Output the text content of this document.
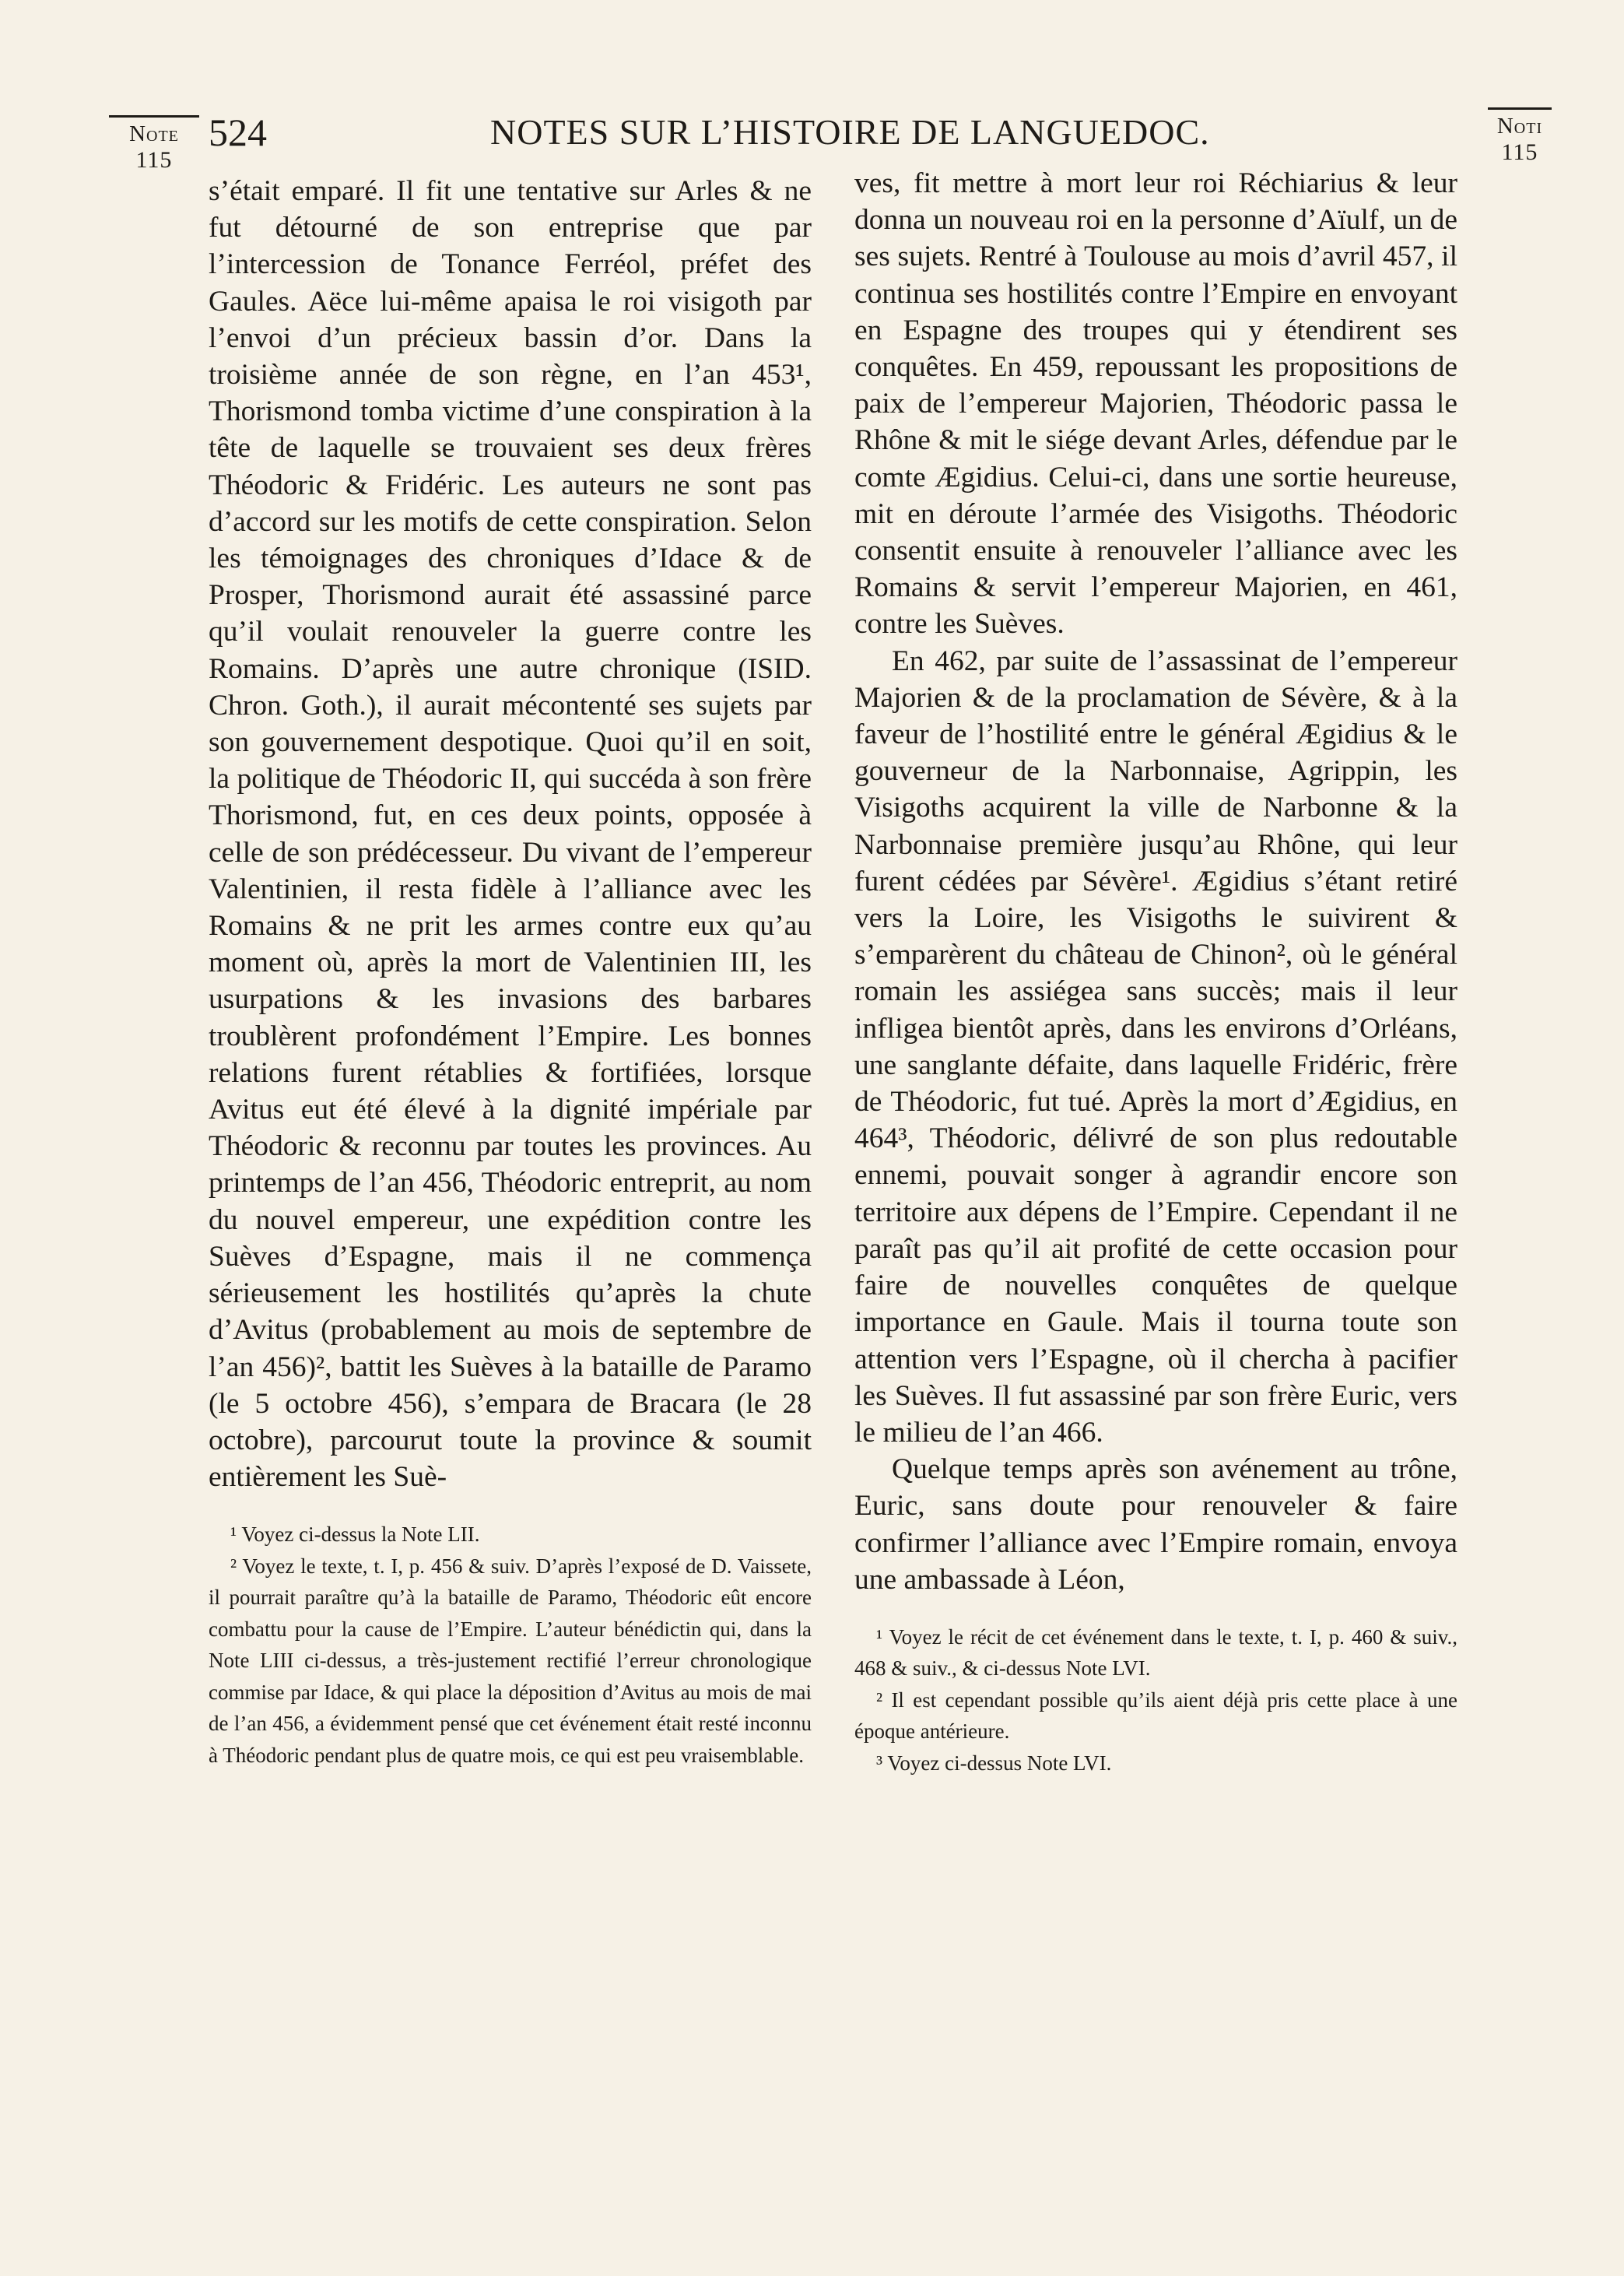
Note
115
Noti
115
524	NOTES SUR L’HISTOIRE DE LANGUEDOC.

s’était emparé. Il fit une tentative sur Arles & ne fut détourné de son entreprise que par l’intercession de Tonance Ferréol, préfet des Gaules. Aëce lui-même apaisa le roi visigoth par l’envoi d’un précieux bassin d’or. Dans la troisième année de son règne, en l’an 453¹, Thorismond tomba victime d’une conspiration à la tête de laquelle se trouvaient ses deux frères Théodoric & Fridéric. Les auteurs ne sont pas d’accord sur les motifs de cette conspiration. Selon les témoignages des chroniques d’Idace & de Prosper, Thorismond aurait été assassiné parce qu’il voulait renouveler la guerre contre les Romains. D’après une autre chronique (ISID. Chron. Goth.), il aurait mécontenté ses sujets par son gouvernement despotique. Quoi qu’il en soit, la politique de Théodoric II, qui succéda à son frère Thorismond, fut, en ces deux points, opposée à celle de son prédécesseur. Du vivant de l’empereur Valentinien, il resta fidèle à l’alliance avec les Romains & ne prit les armes contre eux qu’au moment où, après la mort de Valentinien III, les usurpations & les invasions des barbares troublèrent profondément l’Empire. Les bonnes relations furent rétablies & fortifiées, lorsque Avitus eut été élevé à la dignité impériale par Théodoric & reconnu par toutes les provinces. Au printemps de l’an 456, Théodoric entreprit, au nom du nouvel empereur, une expédition contre les Suèves d’Espagne, mais il ne commença sérieusement les hostilités qu’après la chute d’Avitus (probablement au mois de septembre de l’an 456)², battit les Suèves à la bataille de Paramo (le 5 octobre 456), s’empara de Bracara (le 28 octobre), parcourut toute la province & soumit entièrement les Suè-

¹ Voyez ci-dessus la Note LII.

² Voyez le texte, t. I, p. 456 & suiv. D’après l’exposé de D. Vaissete, il pourrait paraître qu’à la bataille de Paramo, Théodoric eût encore combattu pour la cause de l’Empire. L’auteur bénédictin qui, dans la Note LIII ci-dessus, a très-justement rectifié l’erreur chronologique commise par Idace, & qui place la déposition d’Avitus au mois de mai de l’an 456, a évidemment pensé que cet événement était resté inconnu à Théodoric pendant plus de quatre mois, ce qui est peu vraisemblable.

ves, fit mettre à mort leur roi Réchiarius & leur donna un nouveau roi en la personne d’Aïulf, un de ses sujets. Rentré à Toulouse au mois d’avril 457, il continua ses hostilités contre l’Empire en envoyant en Espagne des troupes qui y étendirent ses conquêtes. En 459, repoussant les propositions de paix de l’empereur Majorien, Théodoric passa le Rhône & mit le siége devant Arles, défendue par le comte Ægidius. Celui-ci, dans une sortie heureuse, mit en déroute l’armée des Visigoths. Théodoric consentit ensuite à renouveler l’alliance avec les Romains & servit l’empereur Majorien, en 461, contre les Suèves.

En 462, par suite de l’assassinat de l’empereur Majorien & de la proclamation de Sévère, & à la faveur de l’hostilité entre le général Ægidius & le gouverneur de la Narbonnaise, Agrippin, les Visigoths acquirent la ville de Narbonne & la Narbonnaise première jusqu’au Rhône, qui leur furent cédées par Sévère¹. Ægidius s’étant retiré vers la Loire, les Visigoths le suivirent & s’emparèrent du château de Chinon², où le général romain les assiégea sans succès; mais il leur infligea bientôt après, dans les environs d’Orléans, une sanglante défaite, dans laquelle Fridéric, frère de Théodoric, fut tué. Après la mort d’Ægidius, en 464³, Théodoric, délivré de son plus redoutable ennemi, pouvait songer à agrandir encore son territoire aux dépens de l’Empire. Cependant il ne paraît pas qu’il ait profité de cette occasion pour faire de nouvelles conquêtes de quelque importance en Gaule. Mais il tourna toute son attention vers l’Espagne, où il chercha à pacifier les Suèves. Il fut assassiné par son frère Euric, vers le milieu de l’an 466.

Quelque temps après son avénement au trône, Euric, sans doute pour renouveler & faire confirmer l’alliance avec l’Empire romain, envoya une ambassade à Léon,

¹ Voyez le récit de cet événement dans le texte, t. I, p. 460 & suiv., 468 & suiv., & ci-dessus Note LVI.

² Il est cependant possible qu’ils aient déjà pris cette place à une époque antérieure.

³ Voyez ci-dessus Note LVI.
